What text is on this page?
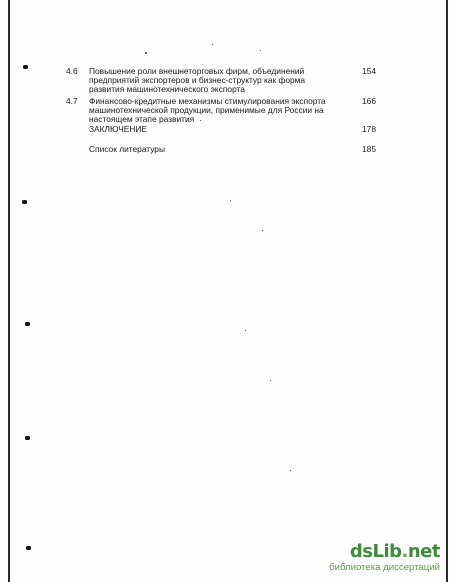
4.6 Повышение роли внешнеторговых фирм, объединений
предприятий экспортеров и бизнес-структур как форма
развития машинотехнического экспорта
154
4.7 Финансово-кредитные механизмы стимулирования экспорта
машинотехнической продукции, применимые для России на
настоящем этапе развития
166
ЗАКЛЮЧЕНИЕ	178
Список литературы	185
dsLib.net
библиотека диссертаций
